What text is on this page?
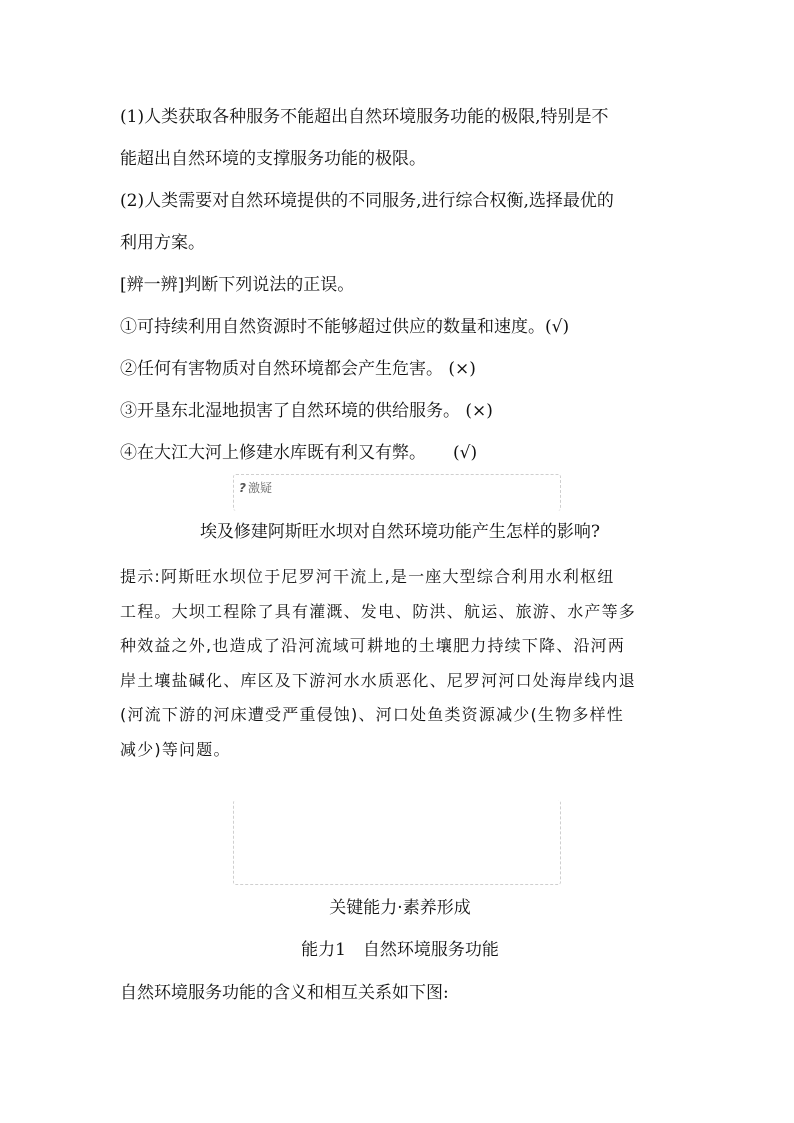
(1)人类获取各种服务不能超出自然环境服务功能的极限,特别是不
能超出自然环境的支撑服务功能的极限。
(2)人类需要对自然环境提供的不同服务,进行综合权衡,选择最优的
利用方案。
[辨一辨]判断下列说法的正误。
①可持续利用自然资源时不能够超过供应的数量和速度。(√)
②任何有害物质对自然环境都会产生危害。 (×)
③开垦东北湿地损害了自然环境的供给服务。 (×)
④在大江大河上修建水库既有利又有弊。     (√)
? 激疑
埃及修建阿斯旺水坝对自然环境功能产生怎样的影响?
提示:阿斯旺水坝位于尼罗河干流上,是一座大型综合利用水利枢纽
工程。大坝工程除了具有灌溉、发电、防洪、航运、旅游、水产等多
种效益之外,也造成了沿河流域可耕地的土壤肥力持续下降、沿河两
岸土壤盐碱化、库区及下游河水水质恶化、尼罗河河口处海岸线内退
(河流下游的河床遭受严重侵蚀)、河口处鱼类资源减少(生物多样性
减少)等问题。
关键能力·素养形成
能力1　自然环境服务功能
自然环境服务功能的含义和相互关系如下图:
